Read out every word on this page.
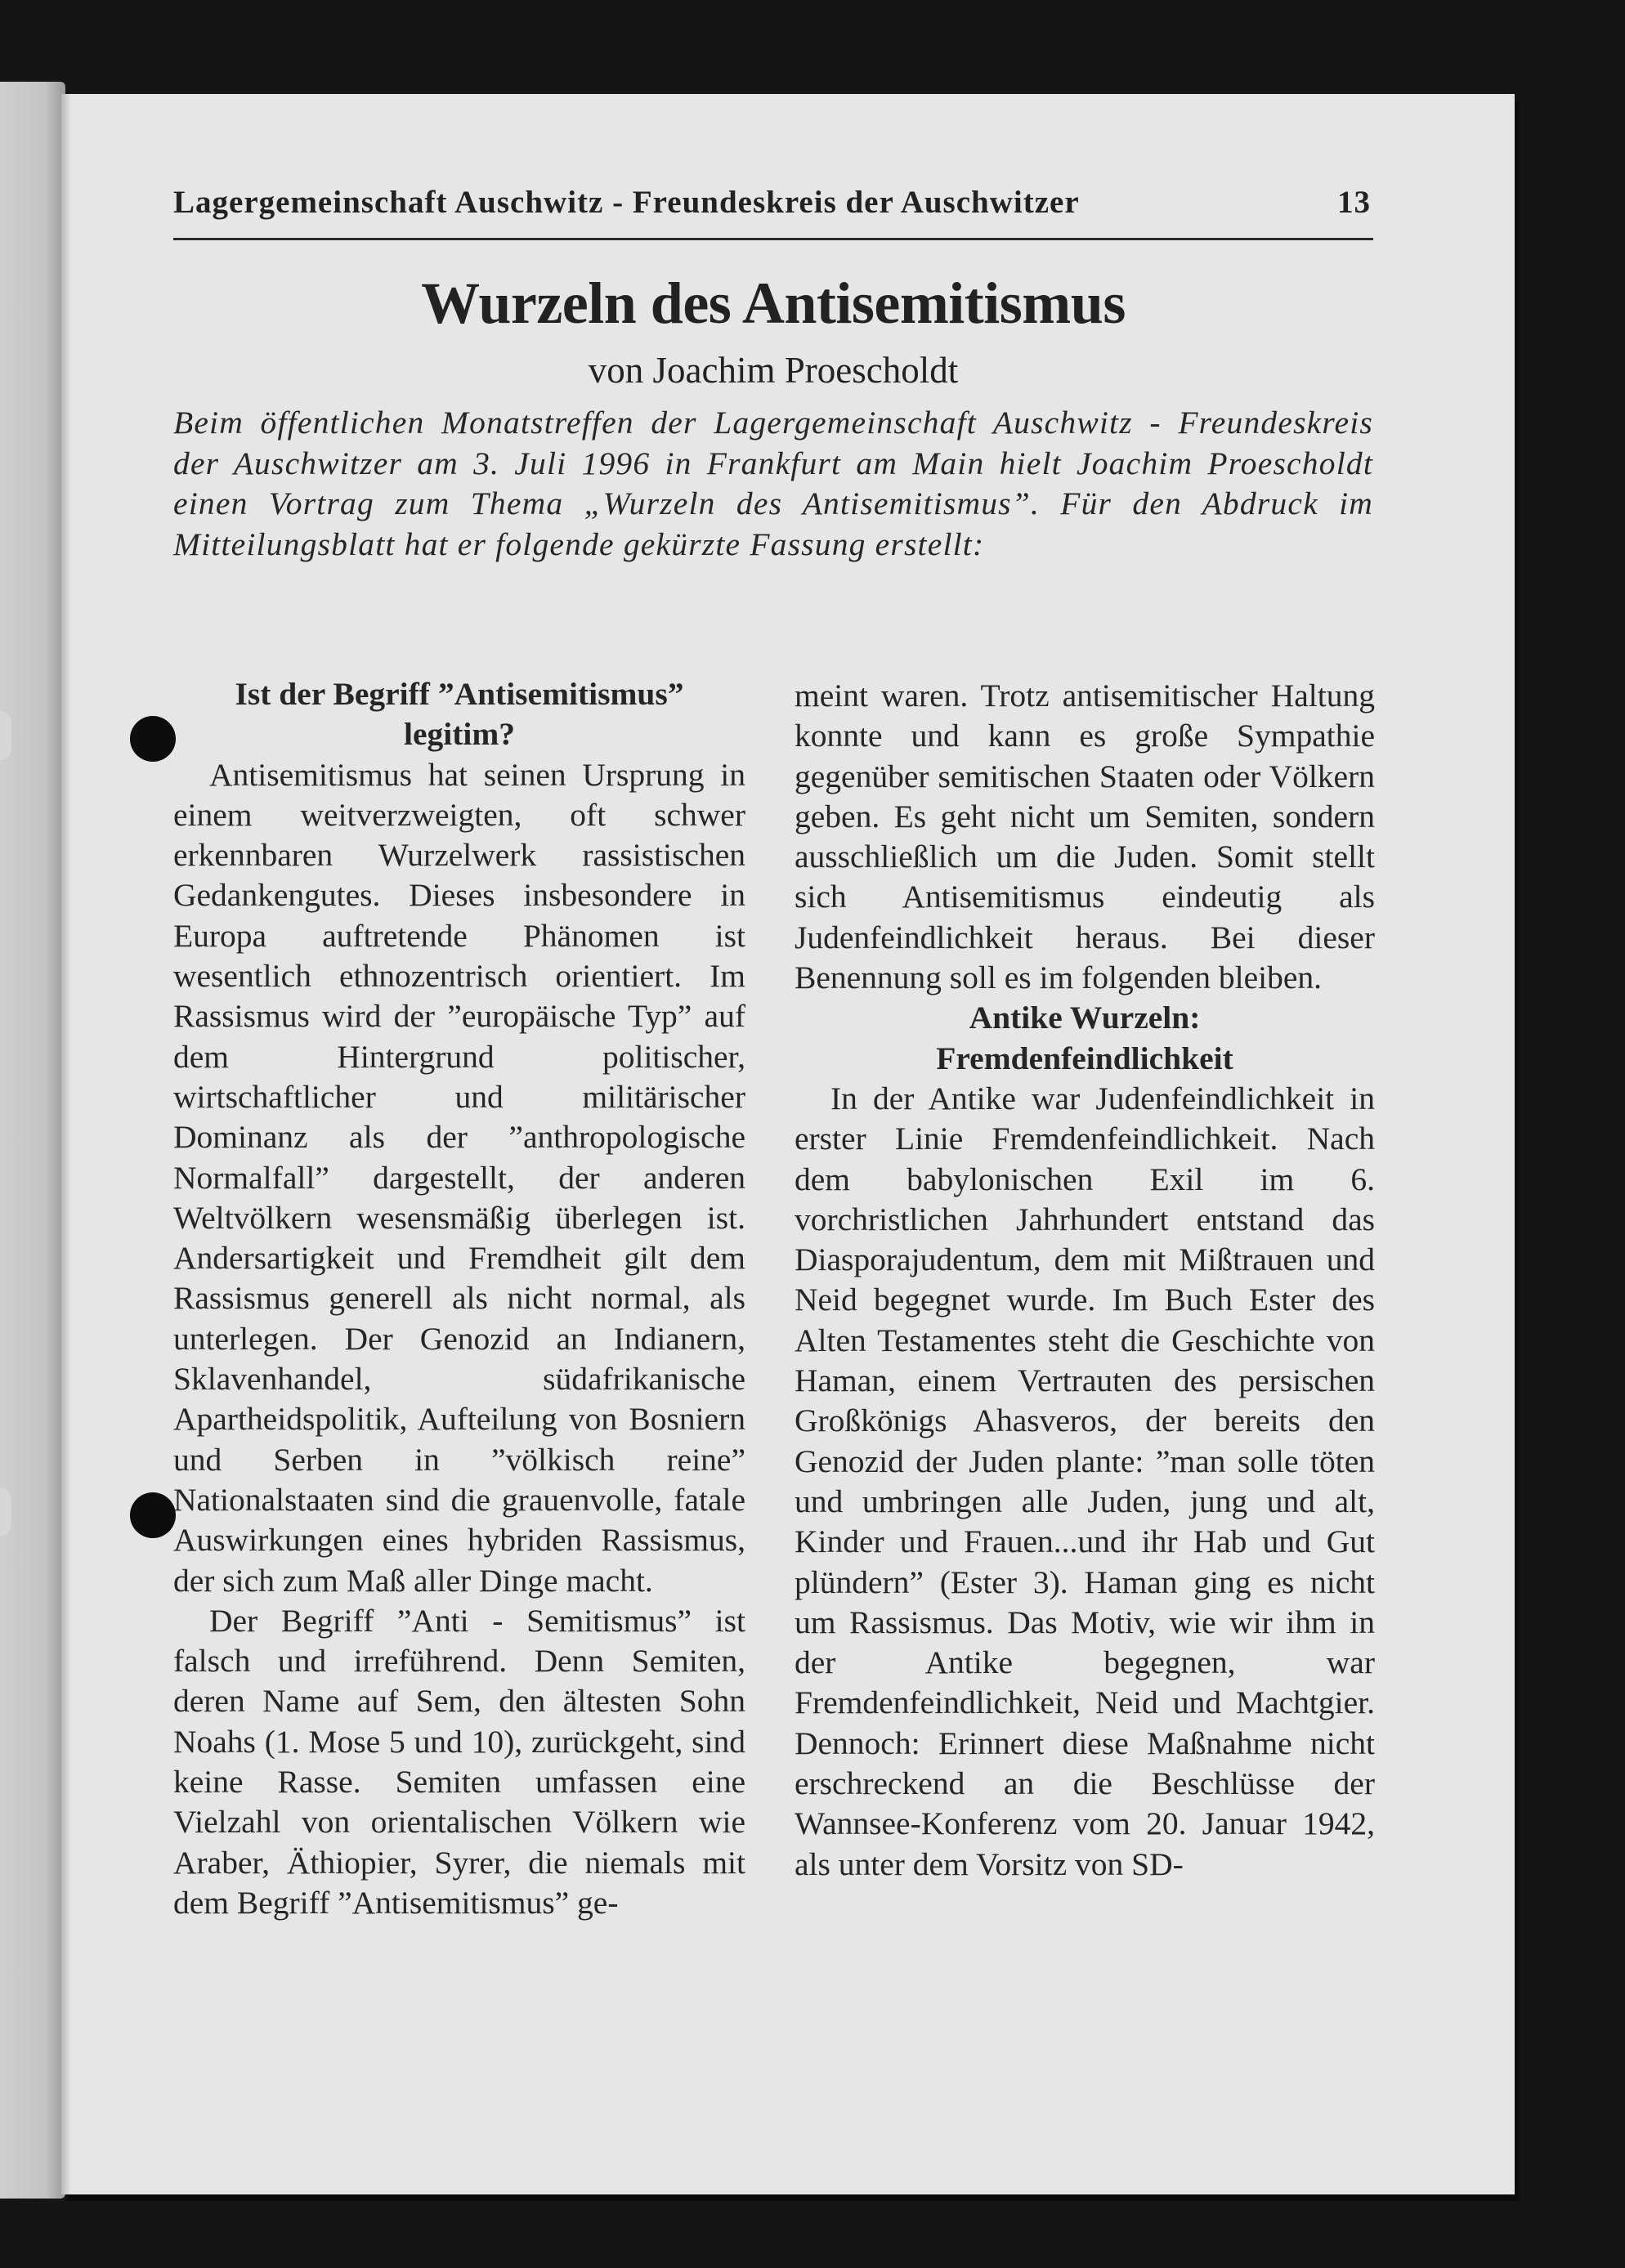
Lagergemeinschaft Auschwitz - Freundeskreis der Auschwitzer	13
Wurzeln des Antisemitismus
von Joachim Proescholdt
Beim öffentlichen Monatstreffen der Lagergemeinschaft Auschwitz - Freundeskreis der Auschwitzer am 3. Juli 1996 in Frankfurt am Main hielt Joachim Proescholdt einen Vortrag zum Thema „Wurzeln des Antisemitismus”. Für den Abdruck im Mitteilungsblatt hat er folgende gekürzte Fassung erstellt:

Ist der Begriff ”Antisemitismus”

legitim?

Antisemitismus hat seinen Ursprung in einem weitverzweigten, oft schwer erkennbaren Wurzelwerk rassistischen Gedankengutes. Dieses insbesondere in Europa auftretende Phänomen ist wesentlich ethnozentrisch orientiert. Im Rassismus wird der ”europäische Typ” auf dem Hintergrund politischer, wirtschaftlicher und militärischer Dominanz als der ”anthropologische Normalfall” dargestellt, der anderen Weltvölkern wesensmäßig überlegen ist. Andersartigkeit und Fremdheit gilt dem Rassismus generell als nicht normal, als unterlegen. Der Genozid an Indianern, Sklavenhandel, südafrikanische Apartheidspolitik, Aufteilung von Bosniern und Serben in ”völkisch reine” Nationalstaaten sind die grauenvolle, fatale Auswirkungen eines hybriden Rassismus, der sich zum Maß aller Dinge macht.

Der Begriff ”Anti - Semitismus” ist falsch und irreführend. Denn Semiten, deren Name auf Sem, den ältesten Sohn Noahs (1. Mose 5 und 10), zurückgeht, sind keine Rasse. Semiten umfassen eine Vielzahl von orientalischen Völkern wie Araber, Äthiopier, Syrer, die niemals mit dem Begriff ”Antisemitismus” ge-

meint waren. Trotz antisemitischer Haltung konnte und kann es große Sympathie gegenüber semitischen Staaten oder Völkern geben. Es geht nicht um Semiten, sondern ausschließlich um die Juden. Somit stellt sich Antisemitismus eindeutig als Judenfeindlichkeit heraus. Bei dieser Benennung soll es im folgenden bleiben.

Antike Wurzeln:

Fremdenfeindlichkeit

In der Antike war Judenfeindlichkeit in erster Linie Fremdenfeindlichkeit. Nach dem babylonischen Exil im 6. vorchristlichen Jahrhundert entstand das Diasporajudentum, dem mit Mißtrauen und Neid begegnet wurde. Im Buch Ester des Alten Testamentes steht die Geschichte von Haman, einem Vertrauten des persischen Großkönigs Ahasveros, der bereits den Genozid der Juden plante: ”man solle töten und umbringen alle Juden, jung und alt, Kinder und Frauen...und ihr Hab und Gut plündern” (Ester 3). Haman ging es nicht um Rassismus. Das Motiv, wie wir ihm in der Antike begegnen, war Fremdenfeindlichkeit, Neid und Machtgier. Dennoch: Erinnert diese Maßnahme nicht erschreckend an die Beschlüsse der Wannsee-Konferenz vom 20. Januar 1942, als unter dem Vorsitz von SD-
